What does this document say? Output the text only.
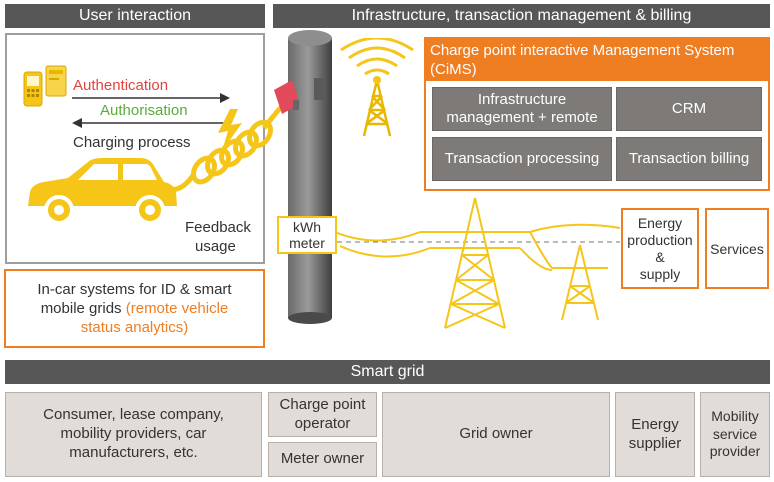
User interaction
Authentication
Authorisation
Charging process
Feedback
usage
In-car systems for ID & smart
mobile grids (remote vehicle
status analytics)
Infrastructure, transaction management & billing
Charge point interactive Management System (CiMS)
Infrastructure management + remote
CRM
Transaction processing	Transaction billing
kWh
meter
Energy
production
&
supply
Services
Smart grid
Consumer, lease company, mobility providers, car manufacturers, etc.
Charge point operator
Meter owner
Grid owner
Energy supplier
Mobility service provider
